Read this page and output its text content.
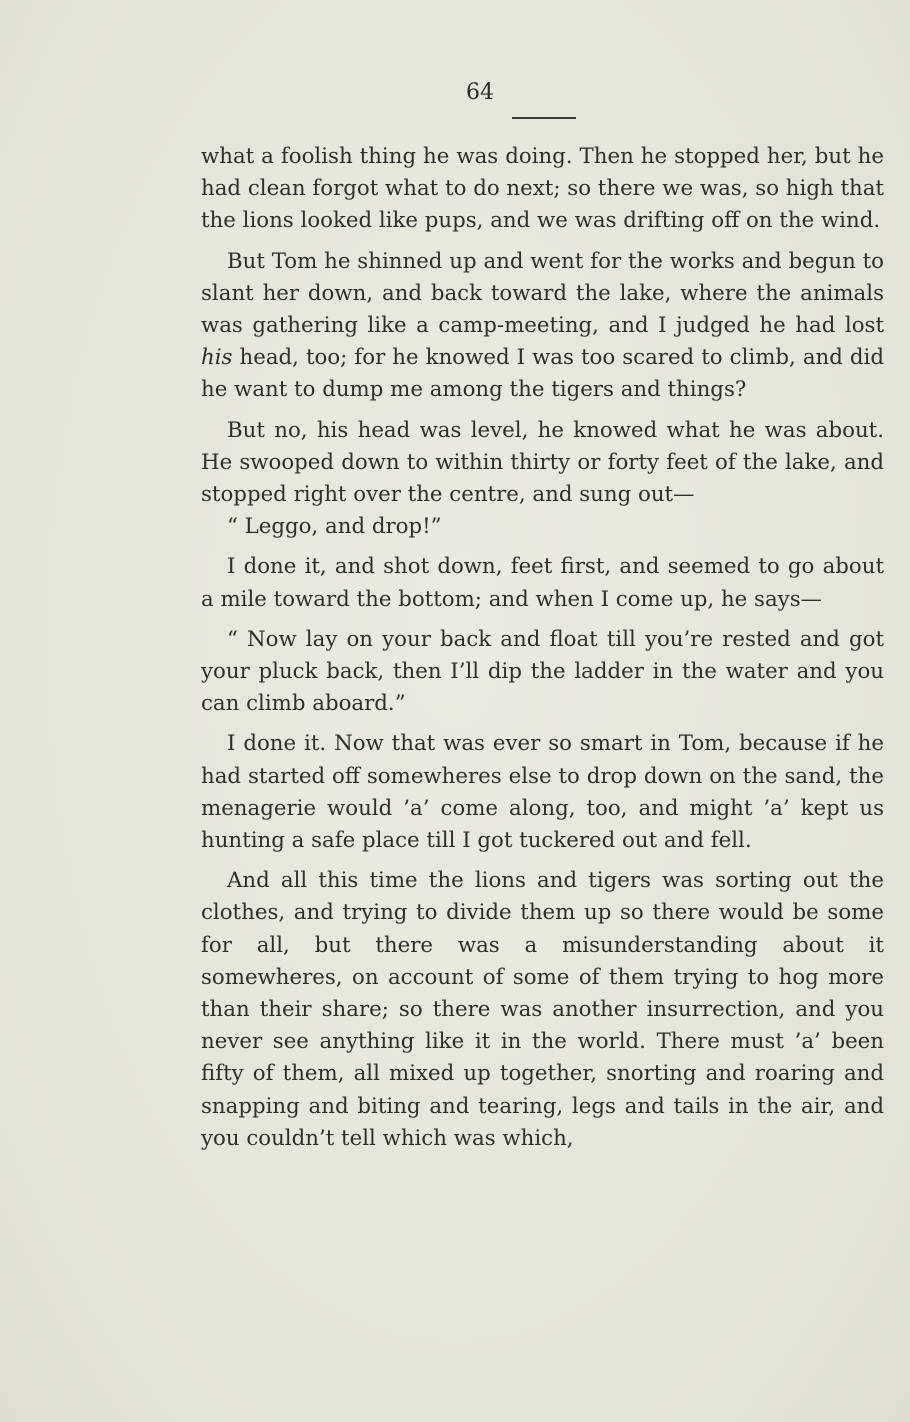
64

what a foolish thing he was doing. Then he stopped her, but he had clean forgot what to do next; so there we was, so high that the lions looked like pups, and we was drifting off on the wind.

But Tom he shinned up and went for the works and begun to slant her down, and back toward the lake, where the animals was gathering like a camp-meeting, and I judged he had lost his head, too; for he knowed I was too scared to climb, and did he want to dump me among the tigers and things?

But no, his head was level, he knowed what he was about. He swooped down to within thirty or forty feet of the lake, and stopped right over the centre, and sung out—

“ Leggo, and drop!”

I done it, and shot down, feet first, and seemed to go about a mile toward the bottom; and when I come up, he says—

“ Now lay on your back and float till you’re rested and got your pluck back, then I’ll dip the ladder in the water and you can climb aboard.”

I done it. Now that was ever so smart in Tom, because if he had started off somewheres else to drop down on the sand, the menagerie would ’a’ come along, too, and might ’a’ kept us hunting a safe place till I got tuckered out and fell.

And all this time the lions and tigers was sorting out the clothes, and trying to divide them up so there would be some for all, but there was a misunderstanding about it somewheres, on account of some of them trying to hog more than their share; so there was another insurrection, and you never see anything like it in the world. There must ’a’ been fifty of them, all mixed up together, snorting and roaring and snapping and biting and tearing, legs and tails in the air, and you couldn’t tell which was which,
